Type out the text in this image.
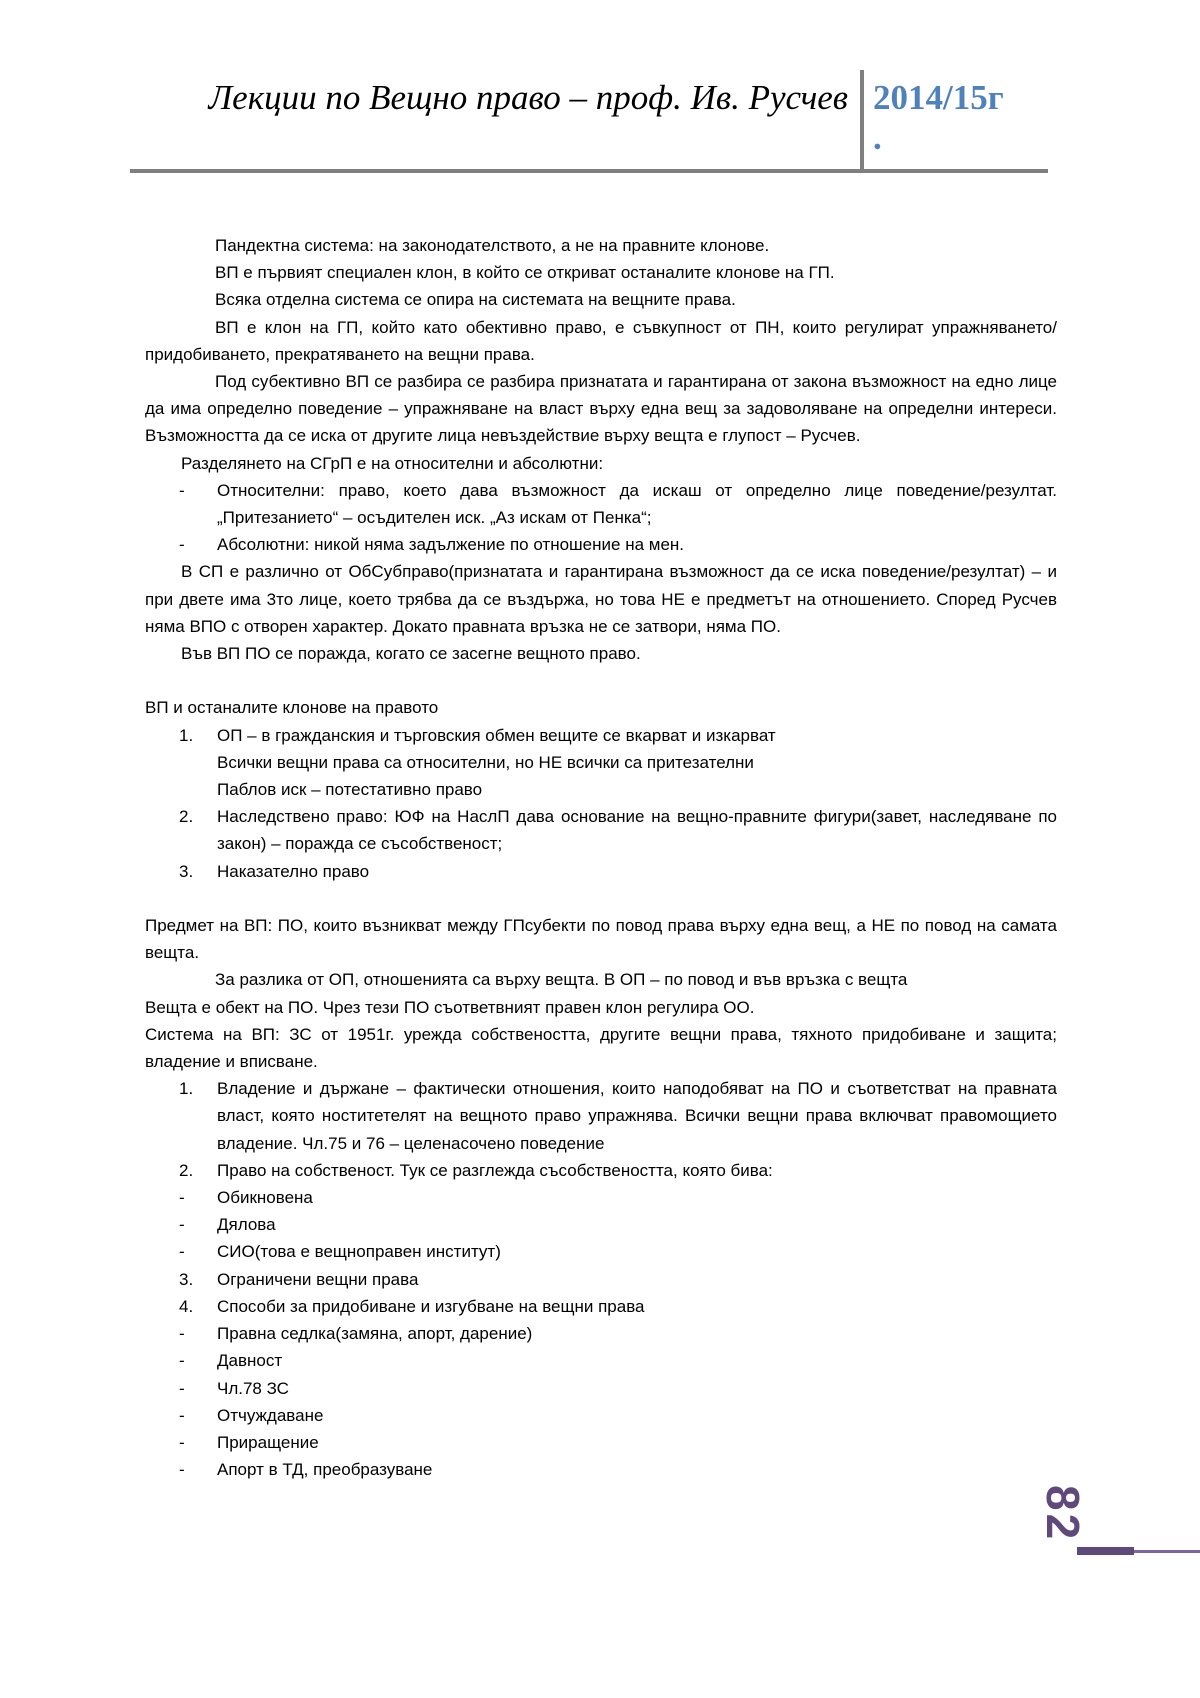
Лекции по Вещно право – проф. Ив. Русчев 2014/15г
.

Пандектна система: на законодателството, а не на правните клонове.

ВП е първият специален клон, в който се откриват останалите клонове на ГП.

Всяка отделна система се опира на системата на вещните права.

ВП е клон на ГП, който като обективно право, е съвкупност от ПН, които регулират упражняването/придобиването, прекратяването на вещни права.

Под субективно ВП се разбира се разбира признатата и гарантирана от закона възможност на едно лице да има определно поведение – упражняване на власт върху една вещ за задоволяване на определни интереси. Възможността да се иска от другите лица невъздействие върху вещта е глупост – Русчев.

Разделянето на СГрП е на относителни и абсолютни:

- Относителни: право, което дава възможност да искаш от определно лице поведение/резултат. „Притезанието“ – осъдителен иск. „Аз искам от Пенка“;
- Абсолютни: никой няма задължение по отношение на мен.

В СП е различно от ОбСубправо(признатата и гарантирана възможност да се иска поведение/резултат) – и при двете има 3то лице, което трябва да се въздържа, но това НЕ е предметът на отношението. Според Русчев няма ВПО с отворен характер. Докато правната връзка не се затвори, няма ПО.

Във ВП ПО се поражда, когато се засегне вещното право.

ВП и останалите клонове на правото

1. ОП – в гражданския и търговския обмен вещите се вкарват и изкарват

Всички вещни права са относителни, но НЕ всички са притезателни

Паблов иск – потестативно право

2. Наследствено право: ЮФ на НаслП дава основание на вещно-правните фигури(завет, наследяване по закон) – поражда се съсобственост;
3. Наказателно право

Предмет на ВП: ПО, които възникват между ГПсубекти по повод права върху една вещ, а НЕ по повод на самата вещта.

За разлика от ОП, отношенията са върху вещта. В ОП – по повод и във връзка с вещта

Вещта е обект на ПО. Чрез тези ПО съответвният правен клон регулира ОО.

Система на ВП: ЗС от 1951г. урежда собствеността, другите вещни права, тяхното придобиване и защита; владение и вписване.

1. Владение и държане – фактически отношения, които наподобяват на ПО и съответстват на правната власт, която ноститетелят на вещното право упражнява. Всички вещни права включват правомощието владение. Чл.75 и 76 – целенасочено поведение
2. Право на собственост. Тук се разглежда съсобствеността, която бива:
- Обикновена
- Дялова
- СИО(това е вещноправен институт)
3. Ограничени вещни права
4. Способи за придобиване и изгубване на вещни права
- Правна седлка(замяна, апорт, дарение)
- Давност
- Чл.78 ЗС
- Отчуждаване
- Приращение
- Апорт в ТД, преобразуване
82
